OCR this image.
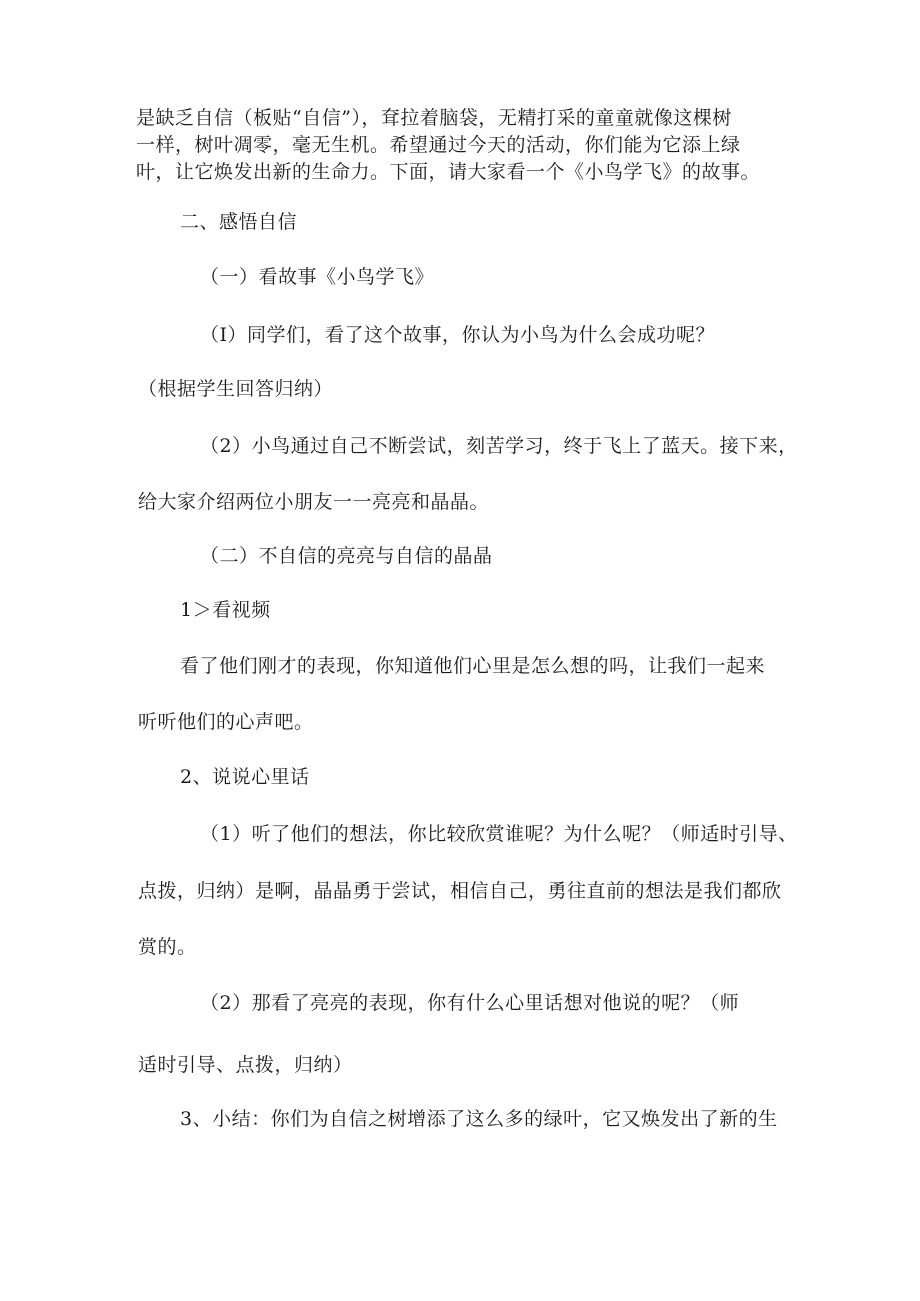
是缺乏自信（板贴“自信”），耷拉着脑袋，无精打采的童童就像这棵树
一样，树叶凋零，毫无生机。希望通过今天的活动，你们能为它添上绿
叶，让它焕发出新的生命力。下面，请大家看一个《小鸟学飞》的故事。
二、感悟自信
（一）看故事《小鸟学飞》
（I）同学们，看了这个故事，你认为小鸟为什么会成功呢？
（根据学生回答归纳）
（2）小鸟通过自己不断尝试，刻苦学习，终于飞上了蓝天。接下来，
给大家介绍两位小朋友一一亮亮和晶晶。
（二）不自信的亮亮与自信的晶晶
1＞看视频
看了他们刚才的表现，你知道他们心里是怎么想的吗，让我们一起来
听听他们的心声吧。
2、说说心里话
（1）听了他们的想法，你比较欣赏谁呢？为什么呢？（师适时引导、
点拨，归纳）是啊，晶晶勇于尝试，相信自己，勇往直前的想法是我们都欣
赏的。
（2）那看了亮亮的表现，你有什么心里话想对他说的呢？（师
适时引导、点拨，归纳）
3、小结：你们为自信之树增添了这么多的绿叶，它又焕发出了新的生
